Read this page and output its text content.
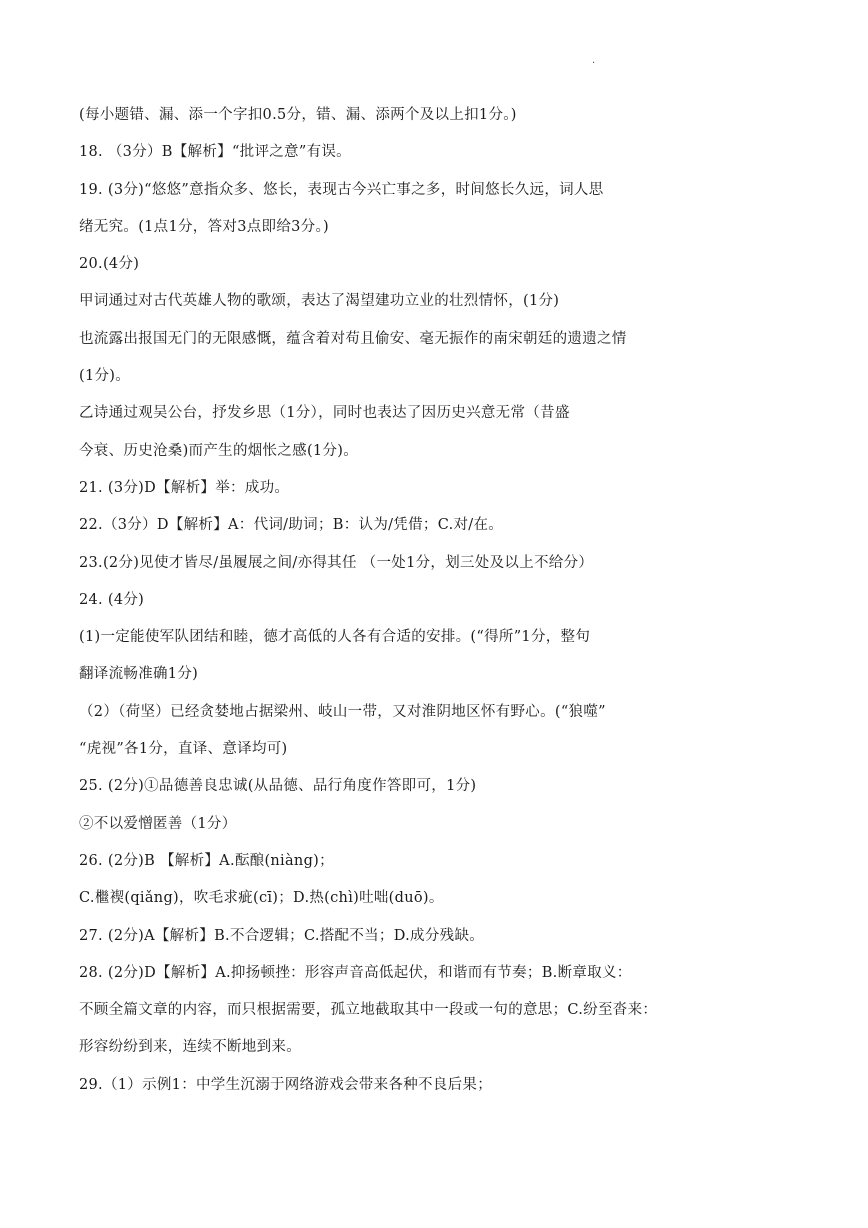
.
(每小题错、漏、添一个字扣0.5分，错、漏、添两个及以上扣1分。)
18. （3分）B【解析】“批评之意”有误。
19. (3分)“悠悠”意指众多、悠长，表现古今兴亡事之多，时间悠长久远，词人思
绪无究。(1点1分，答对3点即给3分。)
20.(4分)
甲词通过对古代英雄人物的歌颂，表达了渴望建功立业的壮烈情怀，(1分)
也流露出报国无门的无限感慨，蕴含着对苟且偷安、毫无振作的南宋朝廷的遗遗之情
(1分)。
乙诗通过观吴公台，抒发乡思（1分），同时也表达了因历史兴意无常（昔盛
今衰、历史沧桑)而产生的烟怅之感(1分)。
21. (3分)D【解析】举：成功。
22.（3分）D【解析】A：代词/助词；B：认为/凭借；C.对/在。
23.(2分)见使才皆尽/虽履展之间/亦得其任 （一处1分，划三处及以上不给分）
24. (4分)
(1)一定能使军队团结和睦，德才高低的人各有合适的安排。(“得所”1分，整句
翻译流畅准确1分)
（2）（荷坚）已经贪婪地占据梁州、岐山一带，又对淮阴地区怀有野心。(“狼噬”
“虎视”各1分，直译、意译均可)
25. (2分)①品德善良忠诚(从品德、品行角度作答即可，1分)
②不以爱憎匿善（1分）
26. (2分)B 【解析】A.酝酿(niàng)；
C.檵褉(qiǎng)，吹毛求疵(cī)；D.热(chì)吐咄(duō)。
27. (2分)A【解析】B.不合逻辑；C.搭配不当；D.成分残缺。
28. (2分)D【解析】A.抑扬顿挫：形容声音高低起伏，和谐而有节奏；B.断章取义：
不顾全篇文章的内容，而只根据需要，孤立地截取其中一段或一句的意思；C.纷至沓来：
形容纷纷到来，连续不断地到来。
29.（1）示例1：中学生沉溺于网络游戏会带来各种不良后果；
